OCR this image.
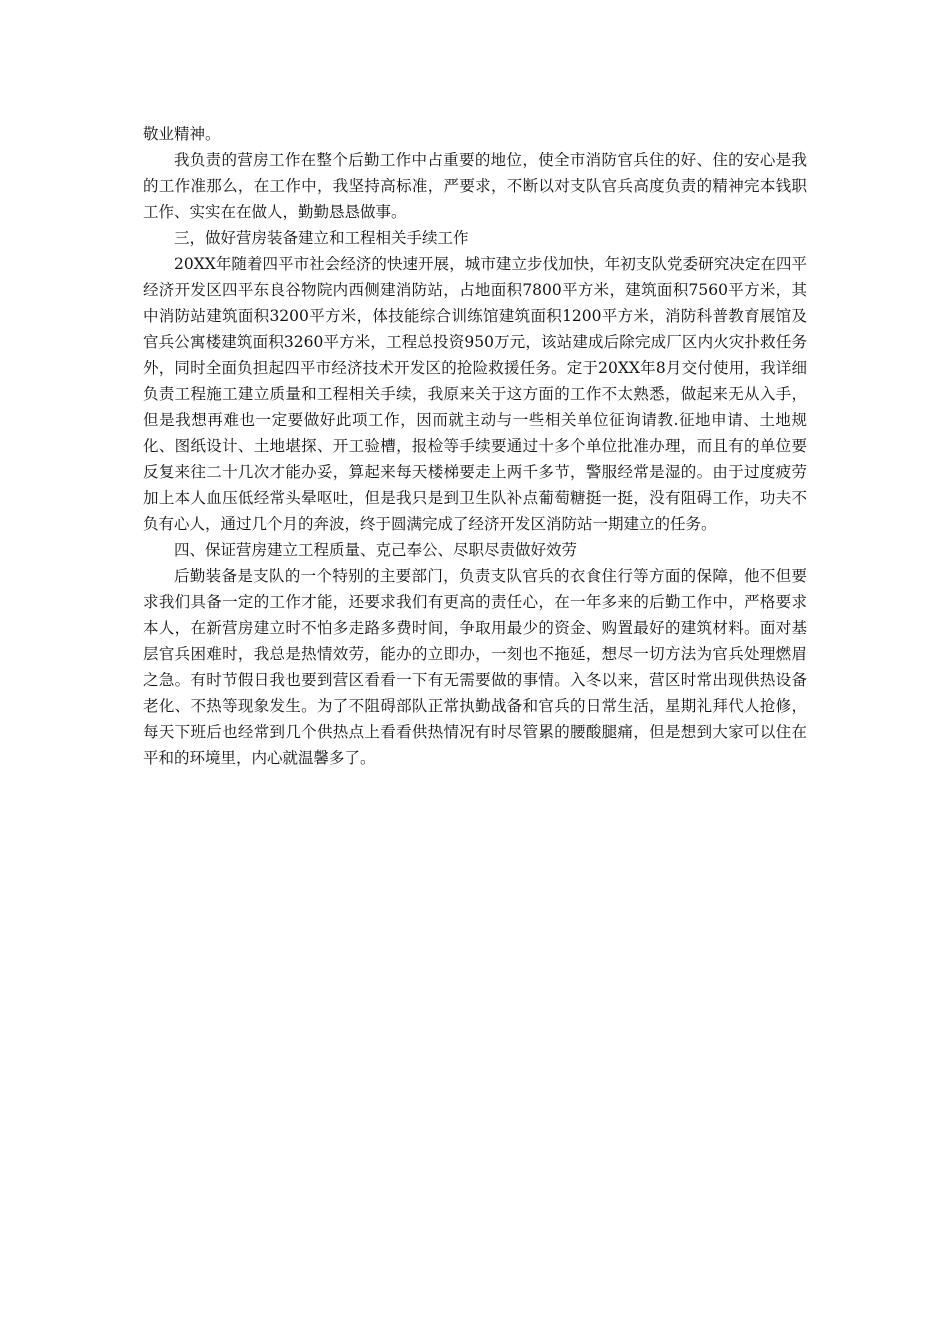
敬业精神。

我负责的营房工作在整个后勤工作中占重要的地位，使全市消防官兵住的好、住的安心是我的工作准那么，在工作中，我坚持高标准，严要求，不断以对支队官兵高度负责的精神完本钱职工作、实实在在做人，勤勤恳恳做事。

三，做好营房装备建立和工程相关手续工作

20XX年随着四平市社会经济的快速开展，城市建立步伐加快，年初支队党委研究决定在四平经济开发区四平东良谷物院内西侧建消防站，占地面积7800平方米，建筑面积7560平方米，其中消防站建筑面积3200平方米，体技能综合训练馆建筑面积1200平方米，消防科普教育展馆及官兵公寓楼建筑面积3260平方米，工程总投资950万元，该站建成后除完成厂区内火灾扑救任务外，同时全面负担起四平市经济技术开发区的抢险救援任务。定于20XX年8月交付使用，我详细负责工程施工建立质量和工程相关手续，我原来关于这方面的工作不太熟悉，做起来无从入手，但是我想再难也一定要做好此项工作，因而就主动与一些相关单位征询请教.征地申请、土地规化、图纸设计、土地堪探、开工验槽，报检等手续要通过十多个单位批准办理，而且有的单位要反复来往二十几次才能办妥，算起来每天楼梯要走上两千多节，警服经常是湿的。由于过度疲劳加上本人血压低经常头晕呕吐，但是我只是到卫生队补点葡萄糖挺一挺，没有阻碍工作，功夫不负有心人，通过几个月的奔波，终于圆满完成了经济开发区消防站一期建立的任务。

四、保证营房建立工程质量、克己奉公、尽职尽责做好效劳

后勤装备是支队的一个特别的主要部门，负责支队官兵的衣食住行等方面的保障，他不但要求我们具备一定的工作才能，还要求我们有更高的责任心，在一年多来的后勤工作中，严格要求本人，在新营房建立时不怕多走路多费时间，争取用最少的资金、购置最好的建筑材料。面对基层官兵困难时，我总是热情效劳，能办的立即办，一刻也不拖延，想尽一切方法为官兵处理燃眉之急。有时节假日我也要到营区看看一下有无需要做的事情。入冬以来，营区时常出现供热设备老化、不热等现象发生。为了不阻碍部队正常执勤战备和官兵的日常生活，星期礼拜代人抢修，每天下班后也经常到几个供热点上看看供热情况有时尽管累的腰酸腿痛，但是想到大家可以住在平和的环境里，内心就温馨多了。
